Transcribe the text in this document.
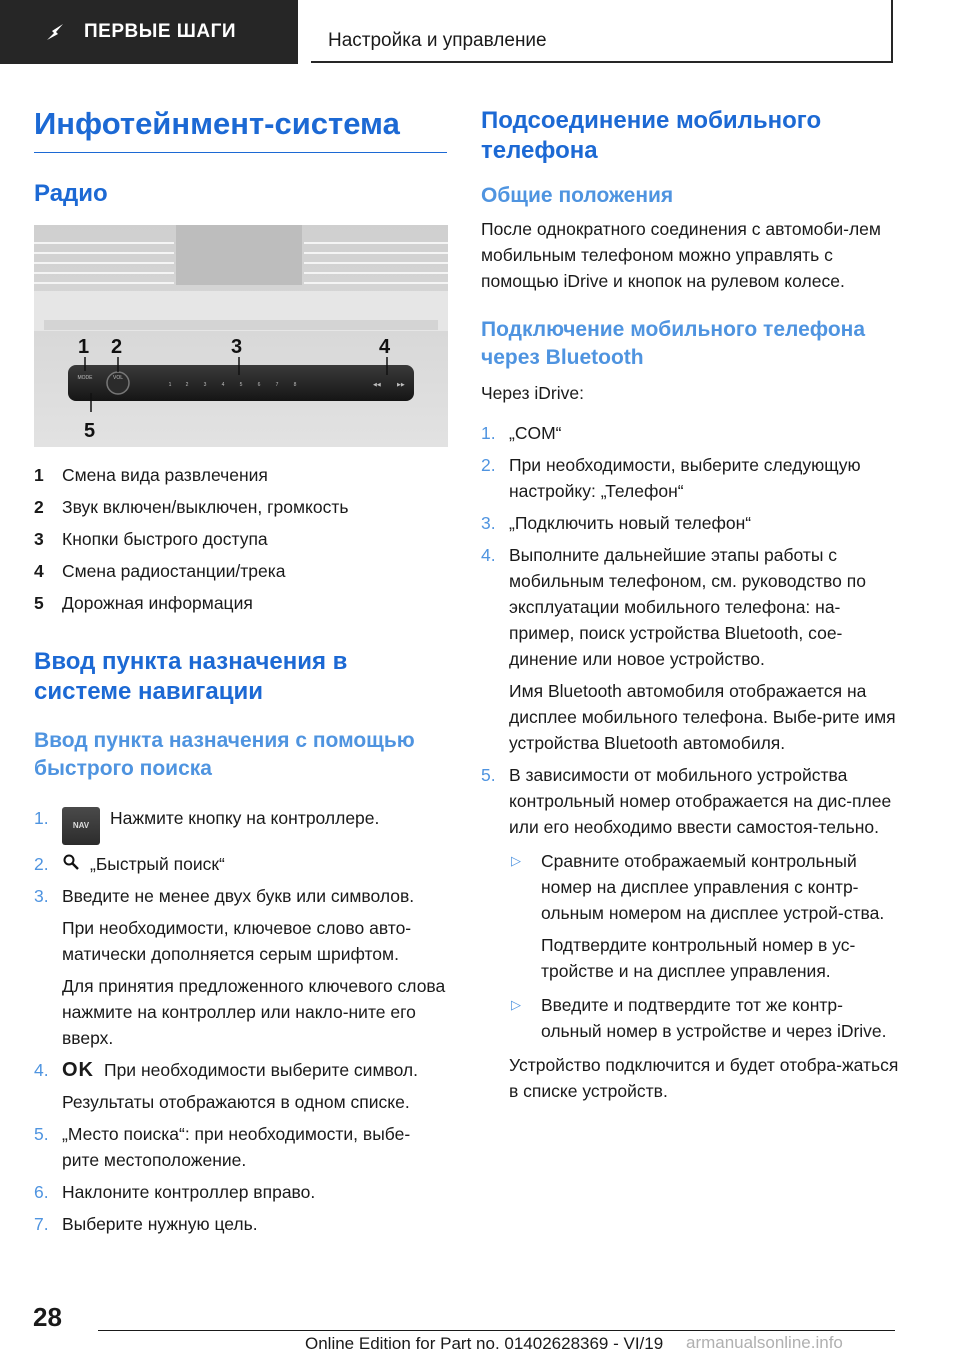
ПЕРВЫЕ ШАГИ	Настройка и управление
Инфотейнмент-система
Радио
MODE	VOL
1	2	3	4	5	6	7	8	◀◀	▶▶
1 2	3	4
5
1	Смена вида развлечения
2	Звук включен/выключен, громкость
3	Кнопки быстрого доступа
4	Смена радиостанции/трека
5	Дорожная информация
Ввод пункта назначения в системе навигации
Ввод пункта назначения с помощью быстрого поиска
1.	NAV Нажмите кнопку на контроллере.

2.	„Быстрый поиск“

3. Введите не менее двух букв или символов.

При необходимости, ключевое слово авто-матически дополняется серым шрифтом.

Для принятия предложенного ключевого слова нажмите на контроллер или накло-ните его вверх.

4. OK При необходимости выберите символ.

Результаты отображаются в одном списке.

5. „Место поиска“: при необходимости, выбе-рите местоположение.

6. Наклоните контроллер вправо.

7. Выберите нужную цель.

Подсоединение мобильного телефона
Общие положения

После однократного соединения с автомоби-лем мобильным телефоном можно управлять с помощью iDrive и кнопок на рулевом колесе.

Подключение мобильного телефона через Bluetooth

Через iDrive:

1. „COM“

2. При необходимости, выберите следующую настройку: „Телефон“

3. „Подключить новый телефон“

4. Выполните дальнейшие этапы работы с мобильным телефоном, см. руководство по эксплуатации мобильного телефона: на-пример, поиск устройства Bluetooth, сое-динение или новое устройство.

Имя Bluetooth автомобиля отображается на дисплее мобильного телефона. Выбе-рите имя устройства Bluetooth автомобиля.

5. В зависимости от мобильного устройства контрольный номер отображается на дис-плее или его необходимо ввести самостоя-тельно.

▷	Сравните отображаемый контрольный номер на дисплее управления с контр-ольным номером на дисплее устрой-ства.

Подтвердите контрольный номер в ус-тройстве и на дисплее управления.

▷	Введите и подтвердите тот же контр-ольный номер в устройстве и через iDrive.

Устройство подключится и будет отобра-жаться в списке устройств.

28
Online Edition for Part no. 01402628369 - VI/19 armanualsonline.info
